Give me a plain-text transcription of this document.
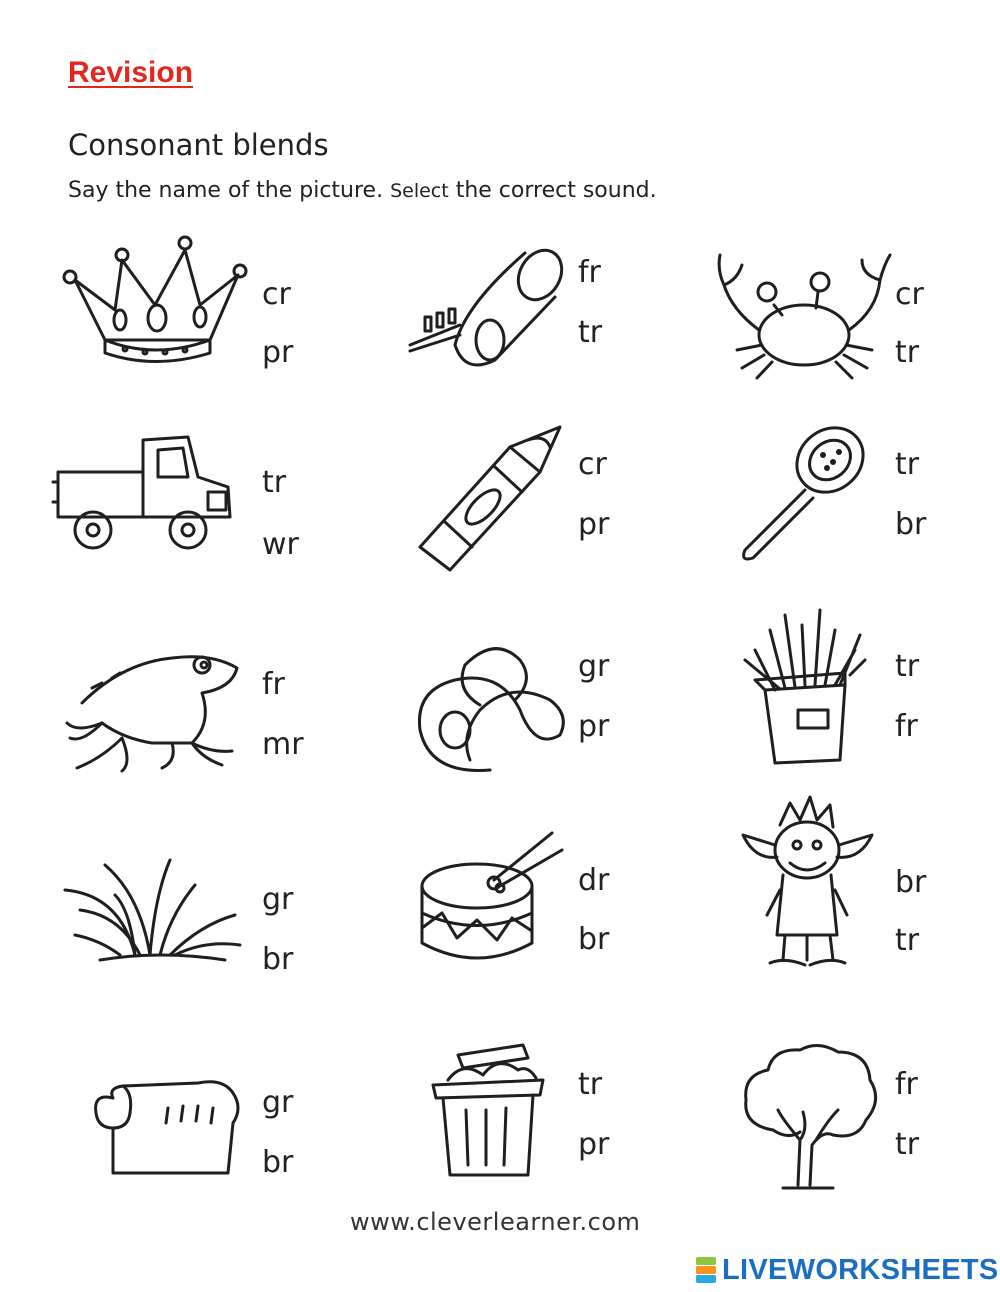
Revision
Consonant blends
Say the name of the picture. Select the correct sound.
cr
pr
fr
tr
cr
tr
tr
wr
cr
pr
tr
br
fr
mr
gr
pr
tr
fr
gr
br
dr
br
br
tr
gr
br
tr
pr
fr
tr
www.cleverlearner.com
LIVEWORKSHEETS
